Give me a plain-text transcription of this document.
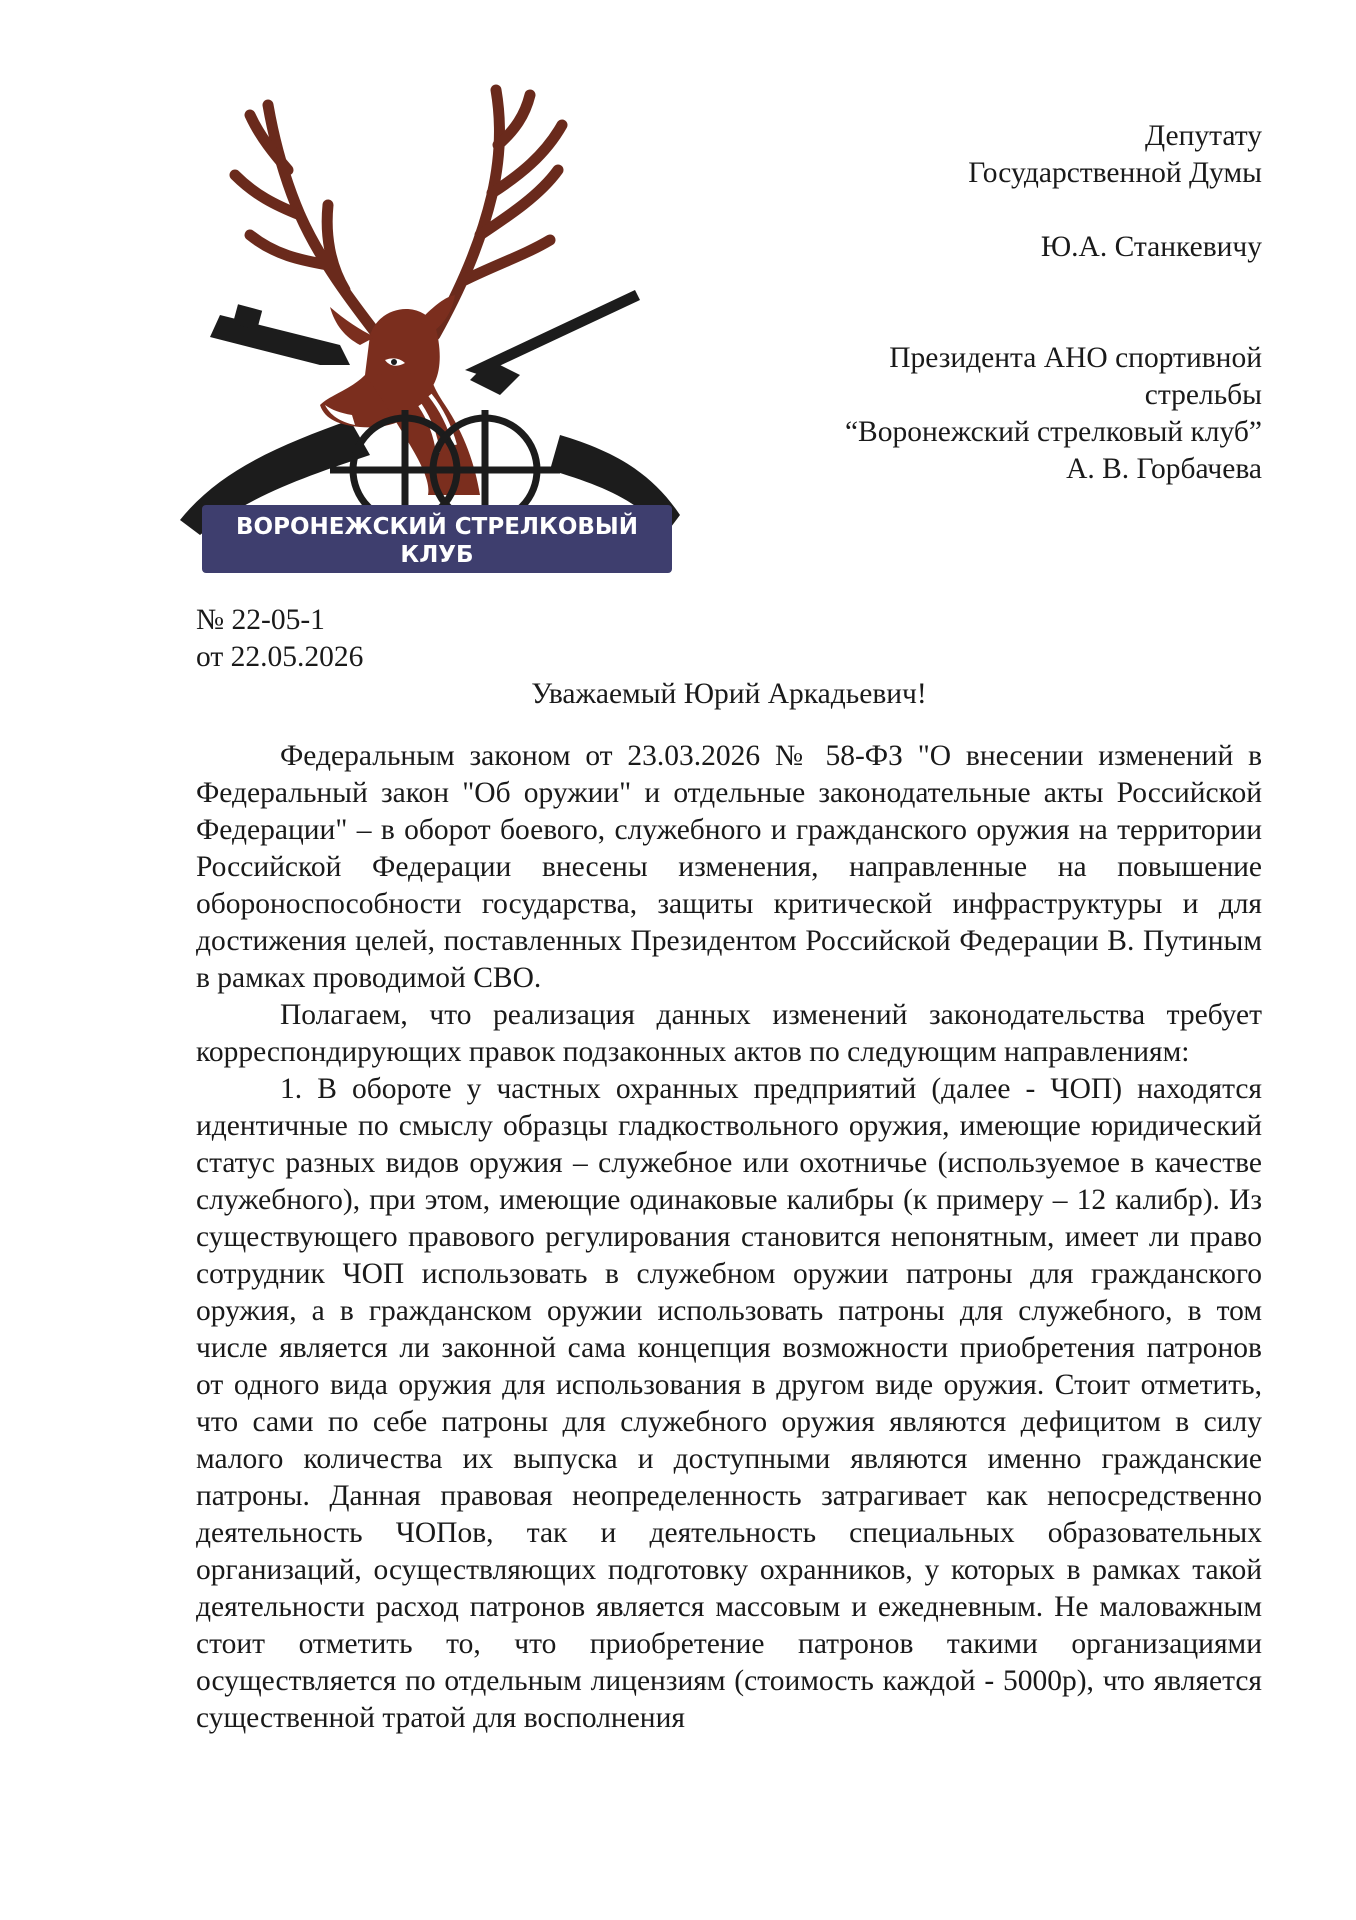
ВОРОНЕЖСКИЙ СТРЕЛКОВЫЙ
КЛУБ
Депутату
Государственной Думы
Ю.А. Станкевичу
Президента АНО спортивной
стрельбы
“Воронежский стрелковый клуб”
А. В. Горбачева
№ 22-05-1
от 22.05.2026
Уважаемый Юрий Аркадьевич!

Федеральным законом от 23.03.2026 № 58-ФЗ "О внесении изменений в Федеральный закон "Об оружии" и отдельные законодательные акты Российской Федерации" – в оборот боевого, служебного и гражданского оружия на территории Российской Федерации внесены изменения, направленные на повышение обороноспособности государства, защиты критической инфраструктуры и для достижения целей, поставленных Президентом Российской Федерации В. Путиным в рамках проводимой СВО.

Полагаем, что реализация данных изменений законодательства требует корреспондирующих правок подзаконных актов по следующим направлениям:

1. В обороте у частных охранных предприятий (далее - ЧОП) находятся идентичные по смыслу образцы гладкоствольного оружия, имеющие юридический статус разных видов оружия – служебное или охотничье (используемое в качестве служебного), при этом, имеющие одинаковые калибры (к примеру – 12 калибр). Из существующего правового регулирования становится непонятным, имеет ли право сотрудник ЧОП использовать в служебном оружии патроны для гражданского оружия, а в гражданском оружии использовать патроны для служебного, в том числе является ли законной сама концепция возможности приобретения патронов от одного вида оружия для использования в другом виде оружия. Стоит отметить, что сами по себе патроны для служебного оружия являются дефицитом в силу малого количества их выпуска и доступными являются именно гражданские патроны. Данная правовая неопределенность затрагивает как непосредственно деятельность ЧОПов, так и деятельность специальных образовательных организаций, осуществляющих подготовку охранников, у которых в рамках такой деятельности расход патронов является массовым и ежедневным. Не маловажным стоит отметить то, что приобретение патронов такими организациями осуществляется по отдельным лицензиям (стоимость каждой - 5000р), что является существенной тратой для восполнения
